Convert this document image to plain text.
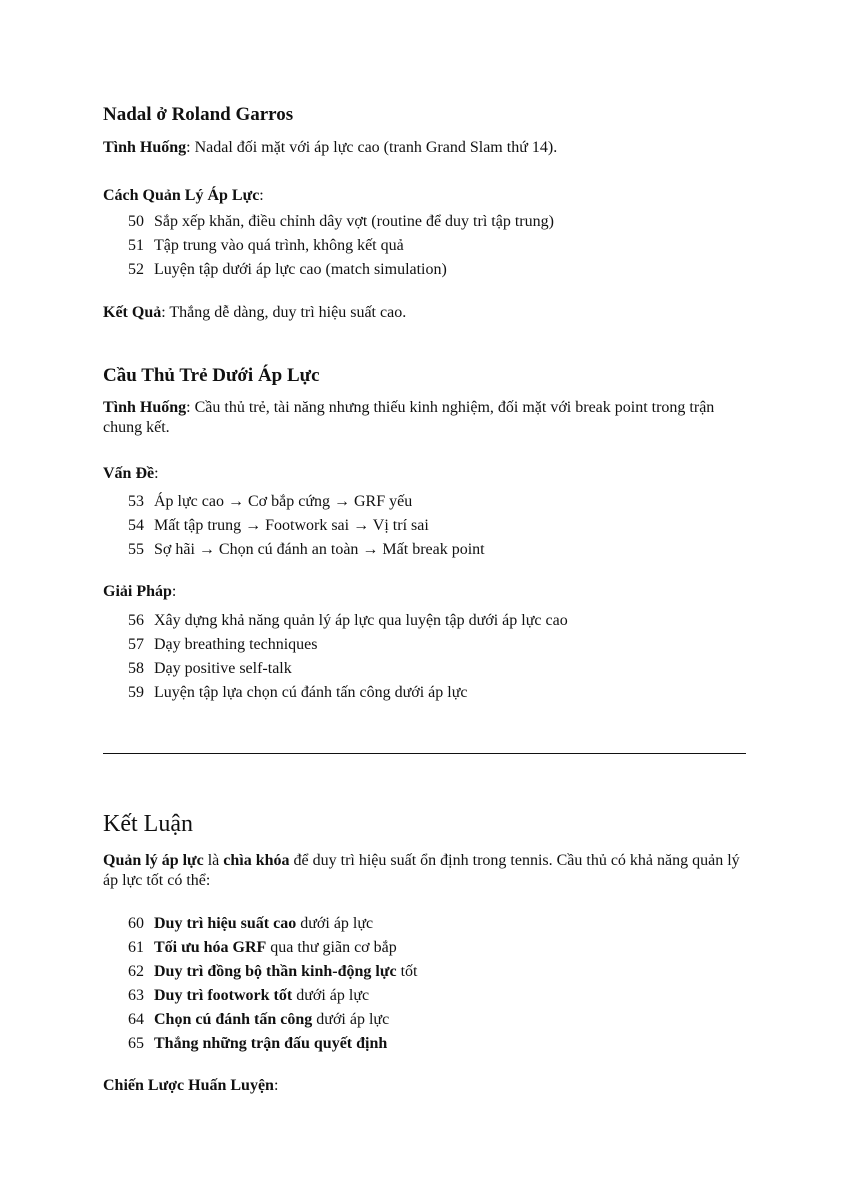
Nadal ở Roland Garros
Tình Huống: Nadal đối mặt với áp lực cao (tranh Grand Slam thứ 14).
Cách Quản Lý Áp Lực:
50 Sắp xếp khăn, điều chỉnh dây vợt (routine để duy trì tập trung)
51 Tập trung vào quá trình, không kết quả
52 Luyện tập dưới áp lực cao (match simulation)
Kết Quả: Thắng dễ dàng, duy trì hiệu suất cao.
Cầu Thủ Trẻ Dưới Áp Lực
Tình Huống: Cầu thủ trẻ, tài năng nhưng thiếu kinh nghiệm, đối mặt với break point trong trận chung kết.
Vấn Đề:
53 Áp lực cao → Cơ bắp cứng → GRF yếu
54 Mất tập trung → Footwork sai → Vị trí sai
55 Sợ hãi → Chọn cú đánh an toàn → Mất break point
Giải Pháp:
56 Xây dựng khả năng quản lý áp lực qua luyện tập dưới áp lực cao
57 Dạy breathing techniques
58 Dạy positive self-talk
59 Luyện tập lựa chọn cú đánh tấn công dưới áp lực
Kết Luận
Quản lý áp lực là chìa khóa để duy trì hiệu suất ổn định trong tennis. Cầu thủ có khả năng quản lý áp lực tốt có thể:
60 Duy trì hiệu suất cao dưới áp lực
61 Tối ưu hóa GRF qua thư giãn cơ bắp
62 Duy trì đồng bộ thần kinh-động lực tốt
63 Duy trì footwork tốt dưới áp lực
64 Chọn cú đánh tấn công dưới áp lực
65 Thắng những trận đấu quyết định
Chiến Lược Huấn Luyện:
